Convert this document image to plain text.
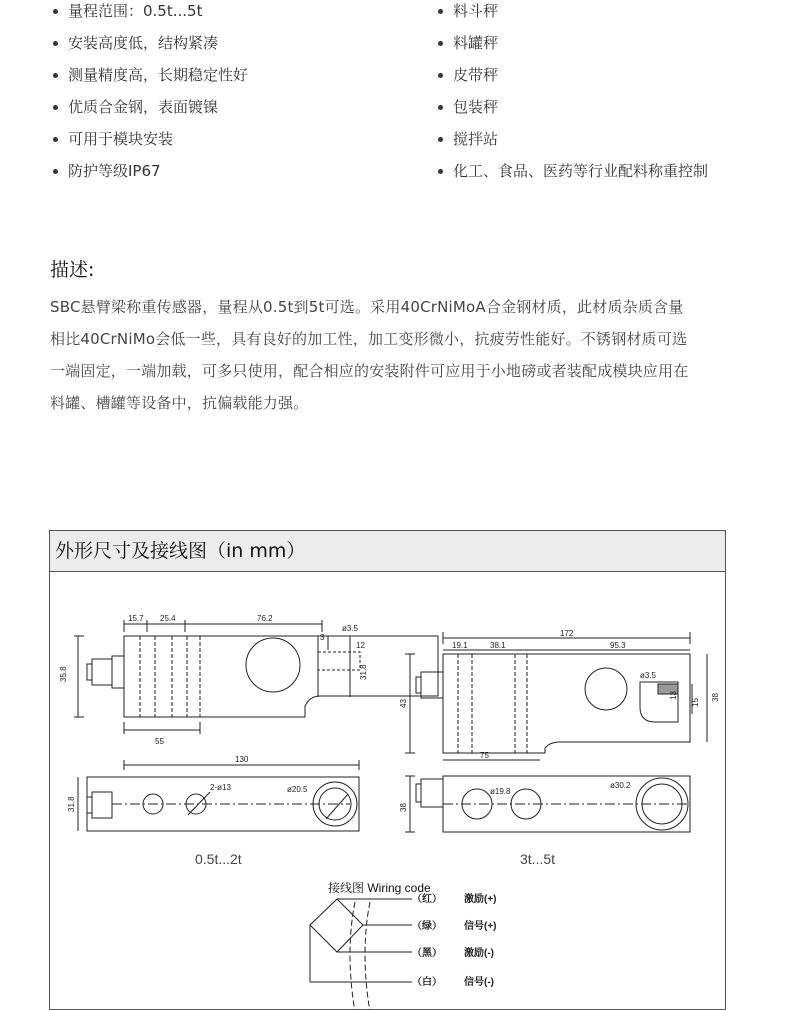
量程范围：0.5t...5t
安装高度低，结构紧凑
测量精度高，长期稳定性好
优质合金钢，表面镀镍
可用于模块安装
防护等级IP67
料斗秤
料罐秤
皮带秤
包装秤
搅拌站
化工、食品、医药等行业配料称重控制
描述:

SBC悬臂梁称重传感器，量程从0.5t到5t可选。采用40CrNiMoA合金钢材质，此材质杂质含量
相比40CrNiMo会低一些，具有良好的加工性，加工变形微小，抗疲劳性能好。不锈钢材质可选
一端固定，一端加载，可多只使用，配合相应的安装附件可应用于小地磅或者装配成模块应用在
料罐、槽罐等设备中，抗偏载能力强。

外形尺寸及接线图（in mm）
15.7 25.4	76.2
ø3.5
3
12
35.8	31.8
55
130
2-ø13	ø20.5
31.8
0.5t...2t
172
19.1	38.1	95.3
ø3.5
13
15
43
38
75
ø19.8
ø30.2
38
3t...5t
接线图 Wiring code
（红） 激励(+)
（绿） 信号(+)
（黑） 激励(-)
（白） 信号(-)
